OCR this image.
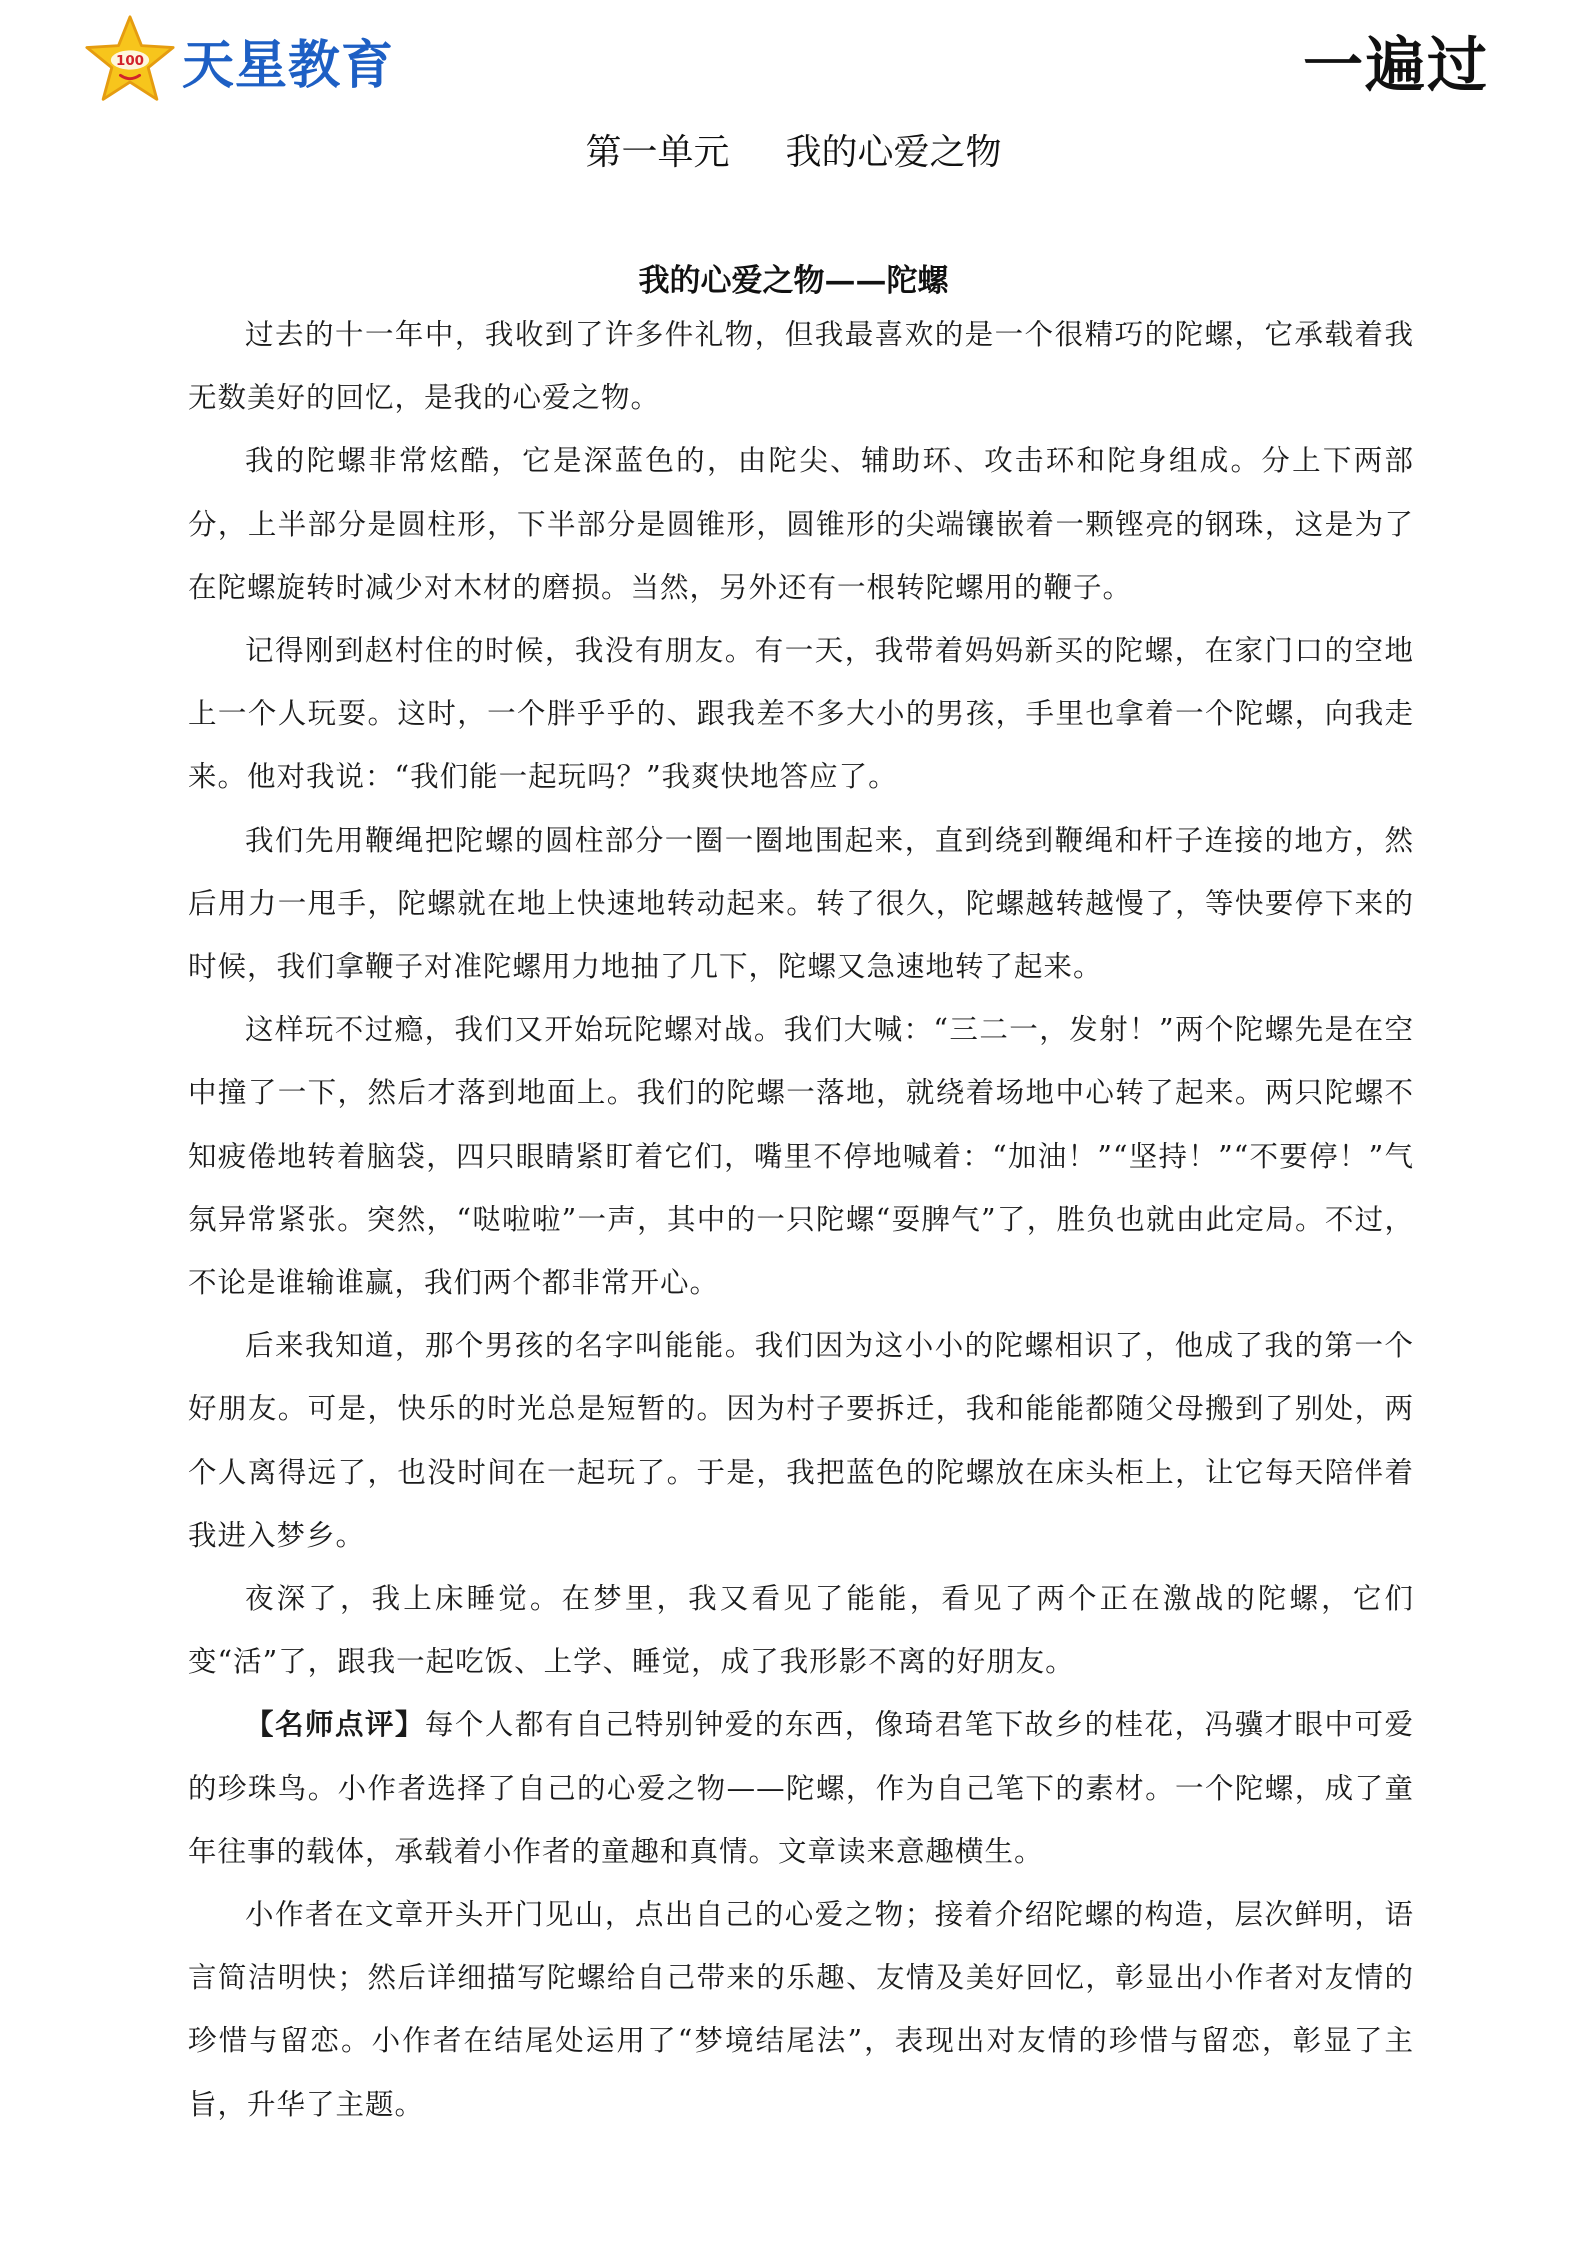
100 天星教育	一遍过
第一单元 我的心爱之物
我的心爱之物——陀螺

过去的十一年中，我收到了许多件礼物，但我最喜欢的是一个很精巧的陀螺，它承载着我无数美好的回忆，是我的心爱之物。

我的陀螺非常炫酷，它是深蓝色的，由陀尖、辅助环、攻击环和陀身组成。分上下两部分，上半部分是圆柱形，下半部分是圆锥形，圆锥形的尖端镶嵌着一颗铿亮的钢珠，这是为了在陀螺旋转时减少对木材的磨损。当然，另外还有一根转陀螺用的鞭子。

记得刚到赵村住的时候，我没有朋友。有一天，我带着妈妈新买的陀螺，在家门口的空地上一个人玩耍。这时，一个胖乎乎的、跟我差不多大小的男孩，手里也拿着一个陀螺，向我走来。他对我说：“我们能一起玩吗？”我爽快地答应了。

我们先用鞭绳把陀螺的圆柱部分一圈一圈地围起来，直到绕到鞭绳和杆子连接的地方，然后用力一甩手，陀螺就在地上快速地转动起来。转了很久，陀螺越转越慢了，等快要停下来的时候，我们拿鞭子对准陀螺用力地抽了几下，陀螺又急速地转了起来。

这样玩不过瘾，我们又开始玩陀螺对战。我们大喊：“三二一，发射！”两个陀螺先是在空中撞了一下，然后才落到地面上。我们的陀螺一落地，就绕着场地中心转了起来。两只陀螺不知疲倦地转着脑袋，四只眼睛紧盯着它们，嘴里不停地喊着：“加油！”“坚持！”“不要停！”气氛异常紧张。突然，“哒啦啦”一声，其中的一只陀螺“耍脾气”了，胜负也就由此定局。不过，不论是谁输谁赢，我们两个都非常开心。

后来我知道，那个男孩的名字叫能能。我们因为这小小的陀螺相识了，他成了我的第一个好朋友。可是，快乐的时光总是短暂的。因为村子要拆迁，我和能能都随父母搬到了别处，两个人离得远了，也没时间在一起玩了。于是，我把蓝色的陀螺放在床头柜上，让它每天陪伴着我进入梦乡。

夜深了，我上床睡觉。在梦里，我又看见了能能，看见了两个正在激战的陀螺，它们变“活”了，跟我一起吃饭、上学、睡觉，成了我形影不离的好朋友。

【名师点评】每个人都有自己特别钟爱的东西，像琦君笔下故乡的桂花，冯骥才眼中可爱的珍珠鸟。小作者选择了自己的心爱之物——陀螺，作为自己笔下的素材。一个陀螺，成了童年往事的载体，承载着小作者的童趣和真情。文章读来意趣横生。

小作者在文章开头开门见山，点出自己的心爱之物；接着介绍陀螺的构造，层次鲜明，语言简洁明快；然后详细描写陀螺给自己带来的乐趣、友情及美好回忆，彰显出小作者对友情的珍惜与留恋。小作者在结尾处运用了“梦境结尾法”，表现出对友情的珍惜与留恋，彰显了主旨，升华了主题。
